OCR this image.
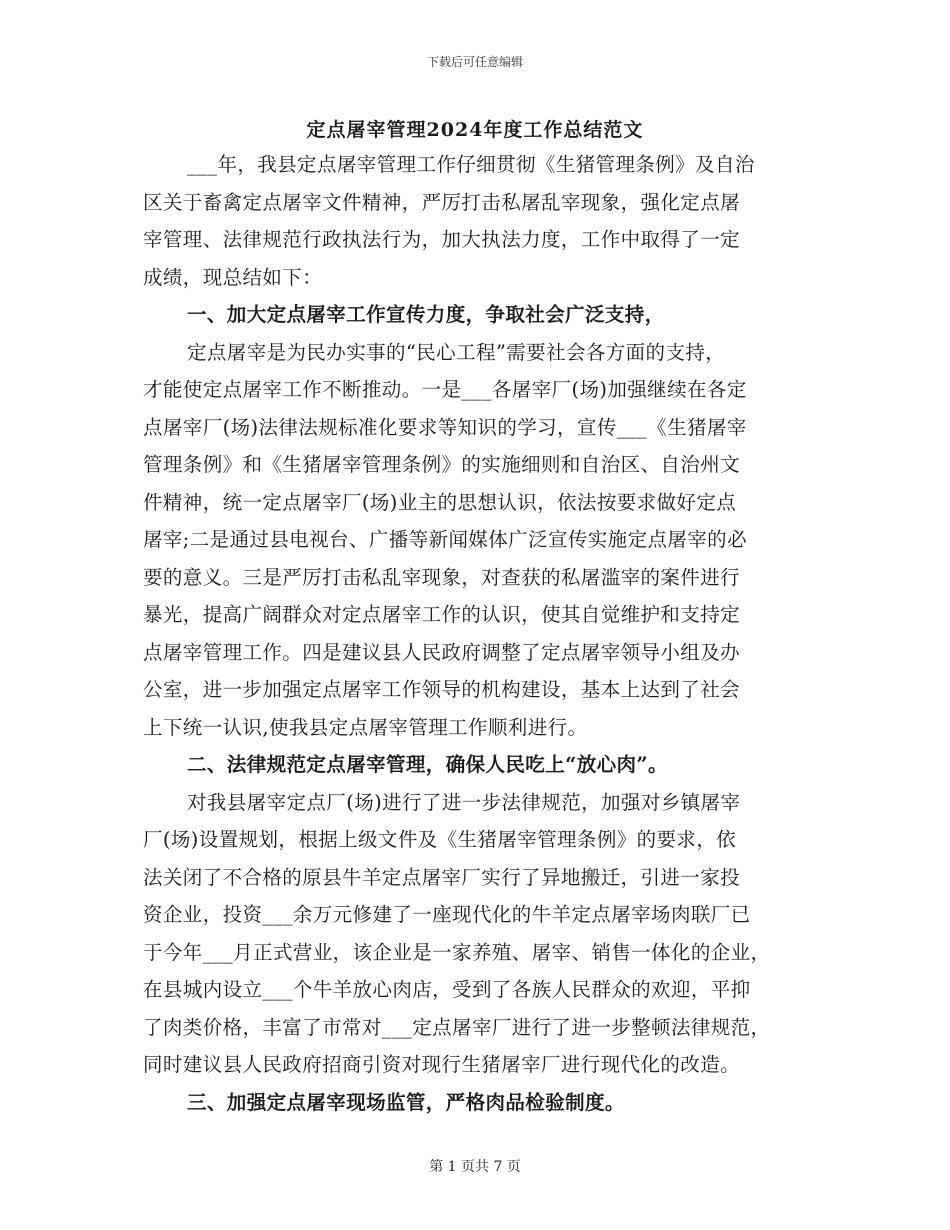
下载后可任意编辑
定点屠宰管理2024年度工作总结范文
___年，我县定点屠宰管理工作仔细贯彻《生猪管理条例》及自治
区关于畜禽定点屠宰文件精神，严厉打击私屠乱宰现象，强化定点屠
宰管理、法律规范行政执法行为，加大执法力度，工作中取得了一定
成绩，现总结如下：
一、加大定点屠宰工作宣传力度，争取社会广泛支持，
定点屠宰是为民办实事的“民心工程”需要社会各方面的支持，
才能使定点屠宰工作不断推动。一是___各屠宰厂(场)加强继续在各定
点屠宰厂(场)法律法规标准化要求等知识的学习，宣传___《生猪屠宰
管理条例》和《生猪屠宰管理条例》的实施细则和自治区、自治州文
件精神，统一定点屠宰厂(场)业主的思想认识，依法按要求做好定点
屠宰;二是通过县电视台、广播等新闻媒体广泛宣传实施定点屠宰的必
要的意义。三是严厉打击私乱宰现象，对查获的私屠滥宰的案件进行
暴光，提高广阔群众对定点屠宰工作的认识，使其自觉维护和支持定
点屠宰管理工作。四是建议县人民政府调整了定点屠宰领导小组及办
公室，进一步加强定点屠宰工作领导的机构建设，基本上达到了社会
上下统一认识,使我县定点屠宰管理工作顺利进行。
二、法律规范定点屠宰管理，确保人民吃上“放心肉”。
对我县屠宰定点厂(场)进行了进一步法律规范，加强对乡镇屠宰
厂(场)设置规划，根据上级文件及《生猪屠宰管理条例》的要求，依
法关闭了不合格的原县牛羊定点屠宰厂实行了异地搬迁，引进一家投
资企业，投资___余万元修建了一座现代化的牛羊定点屠宰场肉联厂已
于今年___月正式营业，该企业是一家养殖、屠宰、销售一体化的企业，
在县城内设立___个牛羊放心肉店，受到了各族人民群众的欢迎，平抑
了肉类价格，丰富了市常对___定点屠宰厂进行了进一步整顿法律规范，
同时建议县人民政府招商引资对现行生猪屠宰厂进行现代化的改造。
三、加强定点屠宰现场监管，严格肉品检验制度。
第 1 页共 7 页
